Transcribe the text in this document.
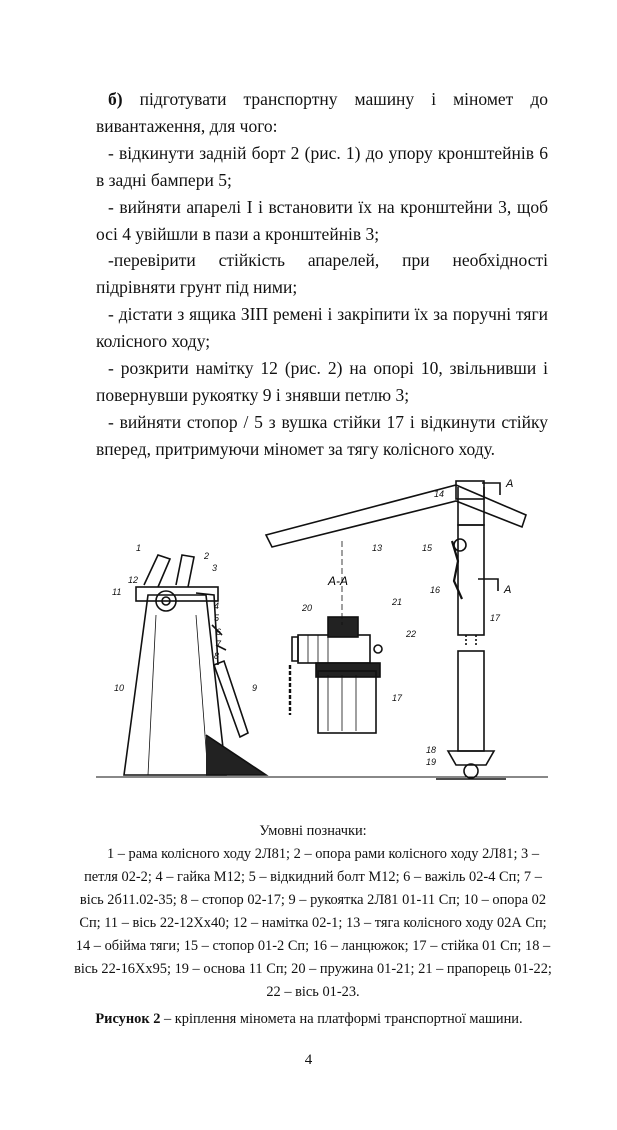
б) підготувати транспортну машину і міномет до вивантаження, для чого:

- відкинути задній борт 2 (рис. 1) до упору кронштейнів 6 в задні бампери 5;

- вийняти апарелі І і встановити їх на кронштейни 3, щоб осі 4 увійшли в пази а кронштейнів 3;

-перевірити стійкість апарелей, при необхідності підрівняти грунт під ними;

- дістати з ящика ЗІП ремені і закріпити їх за поручні тяги колісного ходу;

- розкрити намітку 12 (рис. 2) на опорі 10, звільнивши і повернувши рукоятку 9 і знявши петлю 3;

- вийняти стопор / 5 з вушка стійки 17 і відкинути стійку вперед, притримуючи міномет за тягу колісного ходу.

1
2
3
4
5
6
7
8
9
10
11
12
13
14
15
16
17
18
19
20
21
22
17
А-А
А
А
Умовні позначки:
1 – рама колісного ходу 2Л81; 2 – опора рами колісного ходу 2Л81; 3 –
петля 02-2; 4 – гайка М12; 5 – відкидний болт М12; 6 – важіль 02-4 Сп; 7 –
вісь 2б11.02-35; 8 – стопор 02-17; 9 – рукоятка 2Л81 01-11 Сп; 10 – опора 02
Сп; 11 – вісь 22-12Хх40; 12 – намітка 02-1; 13 – тяга колісного ходу 02А Сп;
14 – обійма тяги; 15 – стопор 01-2 Сп; 16 – ланцюжок; 17 – стійка 01 Сп; 18 –
вісь 22-16Хх95; 19 – основа 11 Сп; 20 – пружина 01-21; 21 – прапорець 01-22;
22 – вісь 01-23.
Рисунок 2 – кріплення міномета на платформі транспортної машини.
4
